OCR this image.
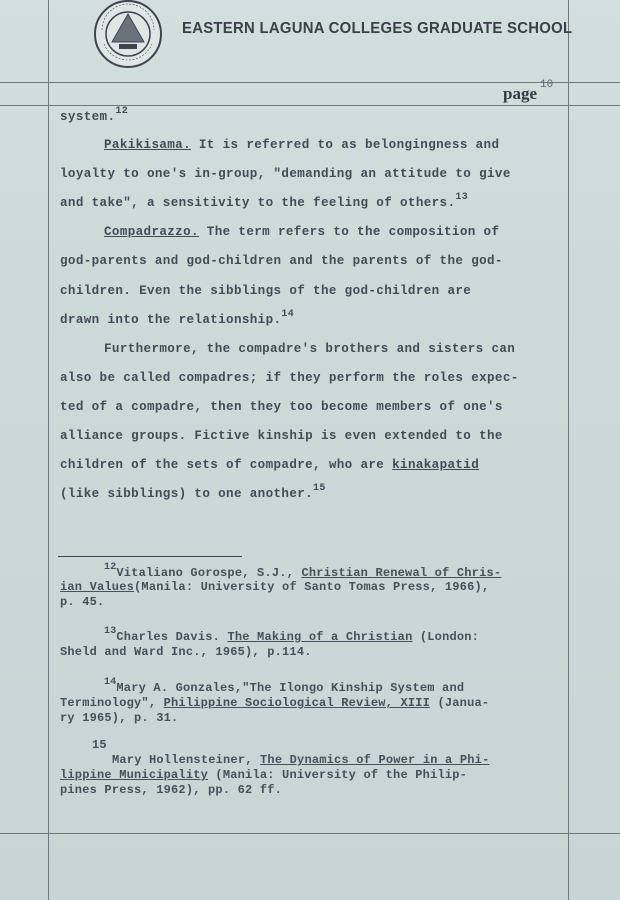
EASTERN LAGUNA COLLEGES GRADUATE SCHOOL
page 10
system.$^{12}$
Pakikisama. It is referred to as belongingness and
loyalty to one's in-group, "demanding an attitude to give
and take", a sensitivity to the feeling of others.$^{13}$
Compadrazzo. The term refers to the composition of
god-parents and god-children and the parents of the god-
children. Even the sibblings of the god-children are
drawn into the relationship.$^{14}$
Furthermore, the compadre's brothers and sisters can
also be called compadres; if they perform the roles expec-
ted of a compadre, then they too become members of one's
alliance groups. Fictive kinship is even extended to the
children of the sets of compadre, who are kinakapatid
(like sibblings) to one another.$^{15}$
$^{12}$Vitaliano Gorospe, S.J., Christian Renewal of Chris-
ian Values(Manila: University of Santo Tomas Press, 1966),
p. 45.
$^{13}$Charles Davis. The Making of a Christian (London:
Sheld and Ward Inc., 1965), p.114.
$^{14}$Mary A. Gonzales,"The Ilongo Kinship System and
Terminology", Philippine Sociological Review, XIII (Janua-
ry 1965), p. 31.
15
Mary Hollensteiner, The Dynamics of Power in a Phi-
lippine Municipality (Manila: University of the Philip-
pines Press, 1962), pp. 62 ff.
